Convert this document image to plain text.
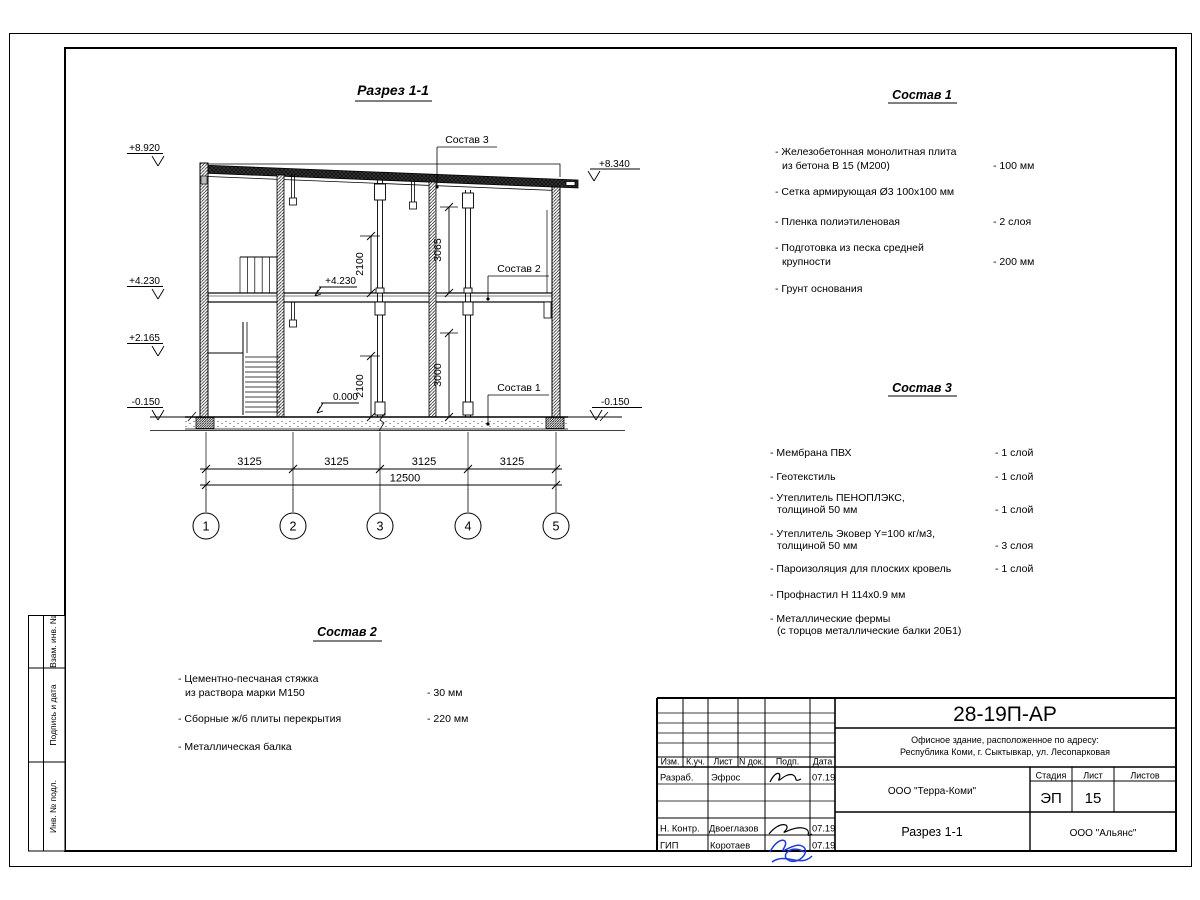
Взам. инв. №
Подпись и дата
Инв. № подл.
Разрез 1-1
Состав 3
Состав 2
Состав 1
+8.920
+4.230
+2.165
-0.150
+8.340
-0.150
+4.230
0.000
2100
3065
2100	3000
3125	3125	3125	3125
12500
1	2	3	4	5
Состав 1
- Железобетонная монолитная плита
из бетона В 15 (М200)	- 100 мм
- Сетка армирующая Ø3 100х100 мм
- Пленка полиэтиленовая	- 2 слоя
- Подготовка из песка средней
крупности	- 200 мм
- Грунт основания
Состав 3
- Мембрана ПВХ	- 1 слой
- Геотекстиль	- 1 слой
- Утеплитель ПЕНОПЛЭКС,
толщиной 50 мм	- 1 слой
- Утеплитель Эковер Y=100 кг/м3,
толщиной 50 мм	- 3 слоя
- Пароизоляция для плоских кровель	- 1 слой
- Профнастил Н 114х0.9 мм
- Металлические фермы
(с торцов металлические балки 20Б1)
Состав 2
- Цементно-песчаная стяжка
из раствора марки М150	- 30 мм
- Сборные ж/б плиты перекрытия	- 220 мм
- Металлическая балка
Изм. К.уч. Лист N док. Подп. Дата
Разраб. Эфрос	07.19
Н. Контр. Двоеглазов	07.19
ГИП	Коротаев	07.19
28-19П-АР
Офисное здание, расположенное по адресу:
Республика Коми, г. Сыктывкар, ул. Лесопарковая
ООО "Терра-Коми"
Стадия Лист	Листов
ЭП 15
Разрез 1-1	ООО "Альянс"
